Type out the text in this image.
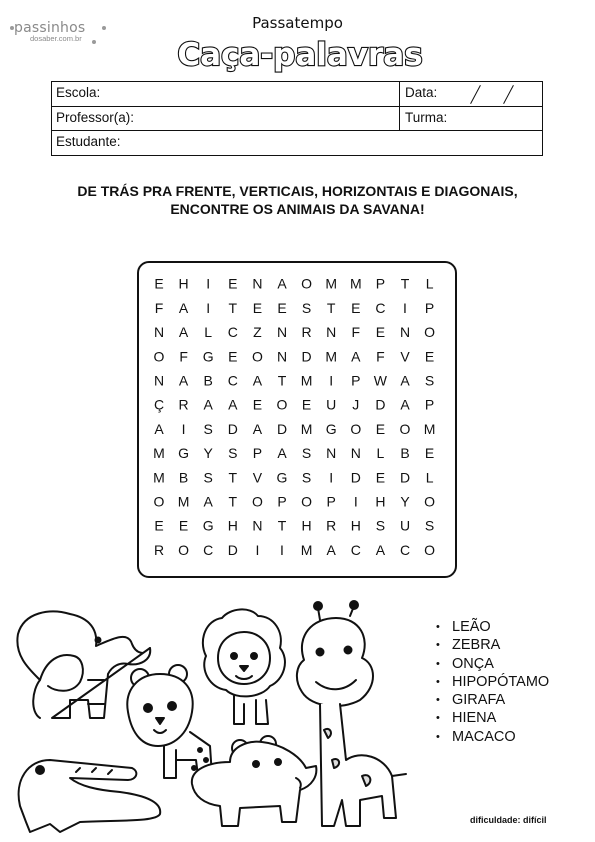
passinhos
dosaber.com.br
Passatempo
Caça-palavras
Escola:	Data:
Professor(a):	Turma:
Estudante:
DE TRÁS PRA FRENTE, VERTICAIS, HORIZONTAIS E DIAGONAIS,
ENCONTRE OS ANIMAIS DA SAVANA!
E H I E N A O M M P T L
F A I T E E S T E C I P
N A L C Z N R N F E N O
O F G E O N D M A F V E
N A B C A T M I P W A S
Ç R A A E O E U J D A P
A I S D A D M G O E O M
M G Y S P A S N N L B E
M B S T V G S I D E D L
O M A T O P O P I H Y O
E E G H N T H R H S U S
R O C D I I M A C A C O
• LEÃO
• ZEBRA
• ONÇA
• HIPOPÓTAMO
• GIRAFA
• HIENA
• MACACO
dificuldade: difícil
